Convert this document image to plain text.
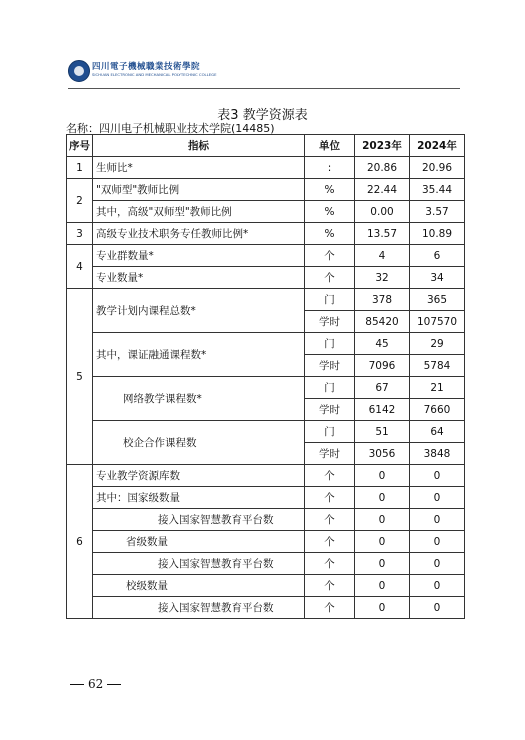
四川電子機械職業技術學院
SICHUAN ELECTRONIC AND MECHANICAL POLYTECHNIC COLLEGE
表3 教学资源表
名称：四川电子机械职业技术学院(14485)
序号	指标	单位	2023年	2024年
1	生师比*	:	20.86	20.96
2	"双师型"教师比例	%	22.44	35.44
	其中，高级"双师型"教师比例	%	0.00	3.57
3	高级专业技术职务专任教师比例*	%	13.57	10.89
4	专业群数量*	个	4	6
	专业数量*	个	32	34
5	教学计划内课程总数*	门	378	365
		学时	85420	107570
	其中，课证融通课程数*	门	45	29
		学时	7096	5784
	网络教学课程数*	门	67	21
		学时	6142	7660
	校企合作课程数	门	51	64
		学时	3056	3848
6	专业教学资源库数	个	0	0
	其中：国家级数量	个	0	0
	接入国家智慧教育平台数	个	0	0
	省级数量	个	0	0
	接入国家智慧教育平台数	个	0	0
	校级数量	个	0	0
	接入国家智慧教育平台数	个	0	0
62
